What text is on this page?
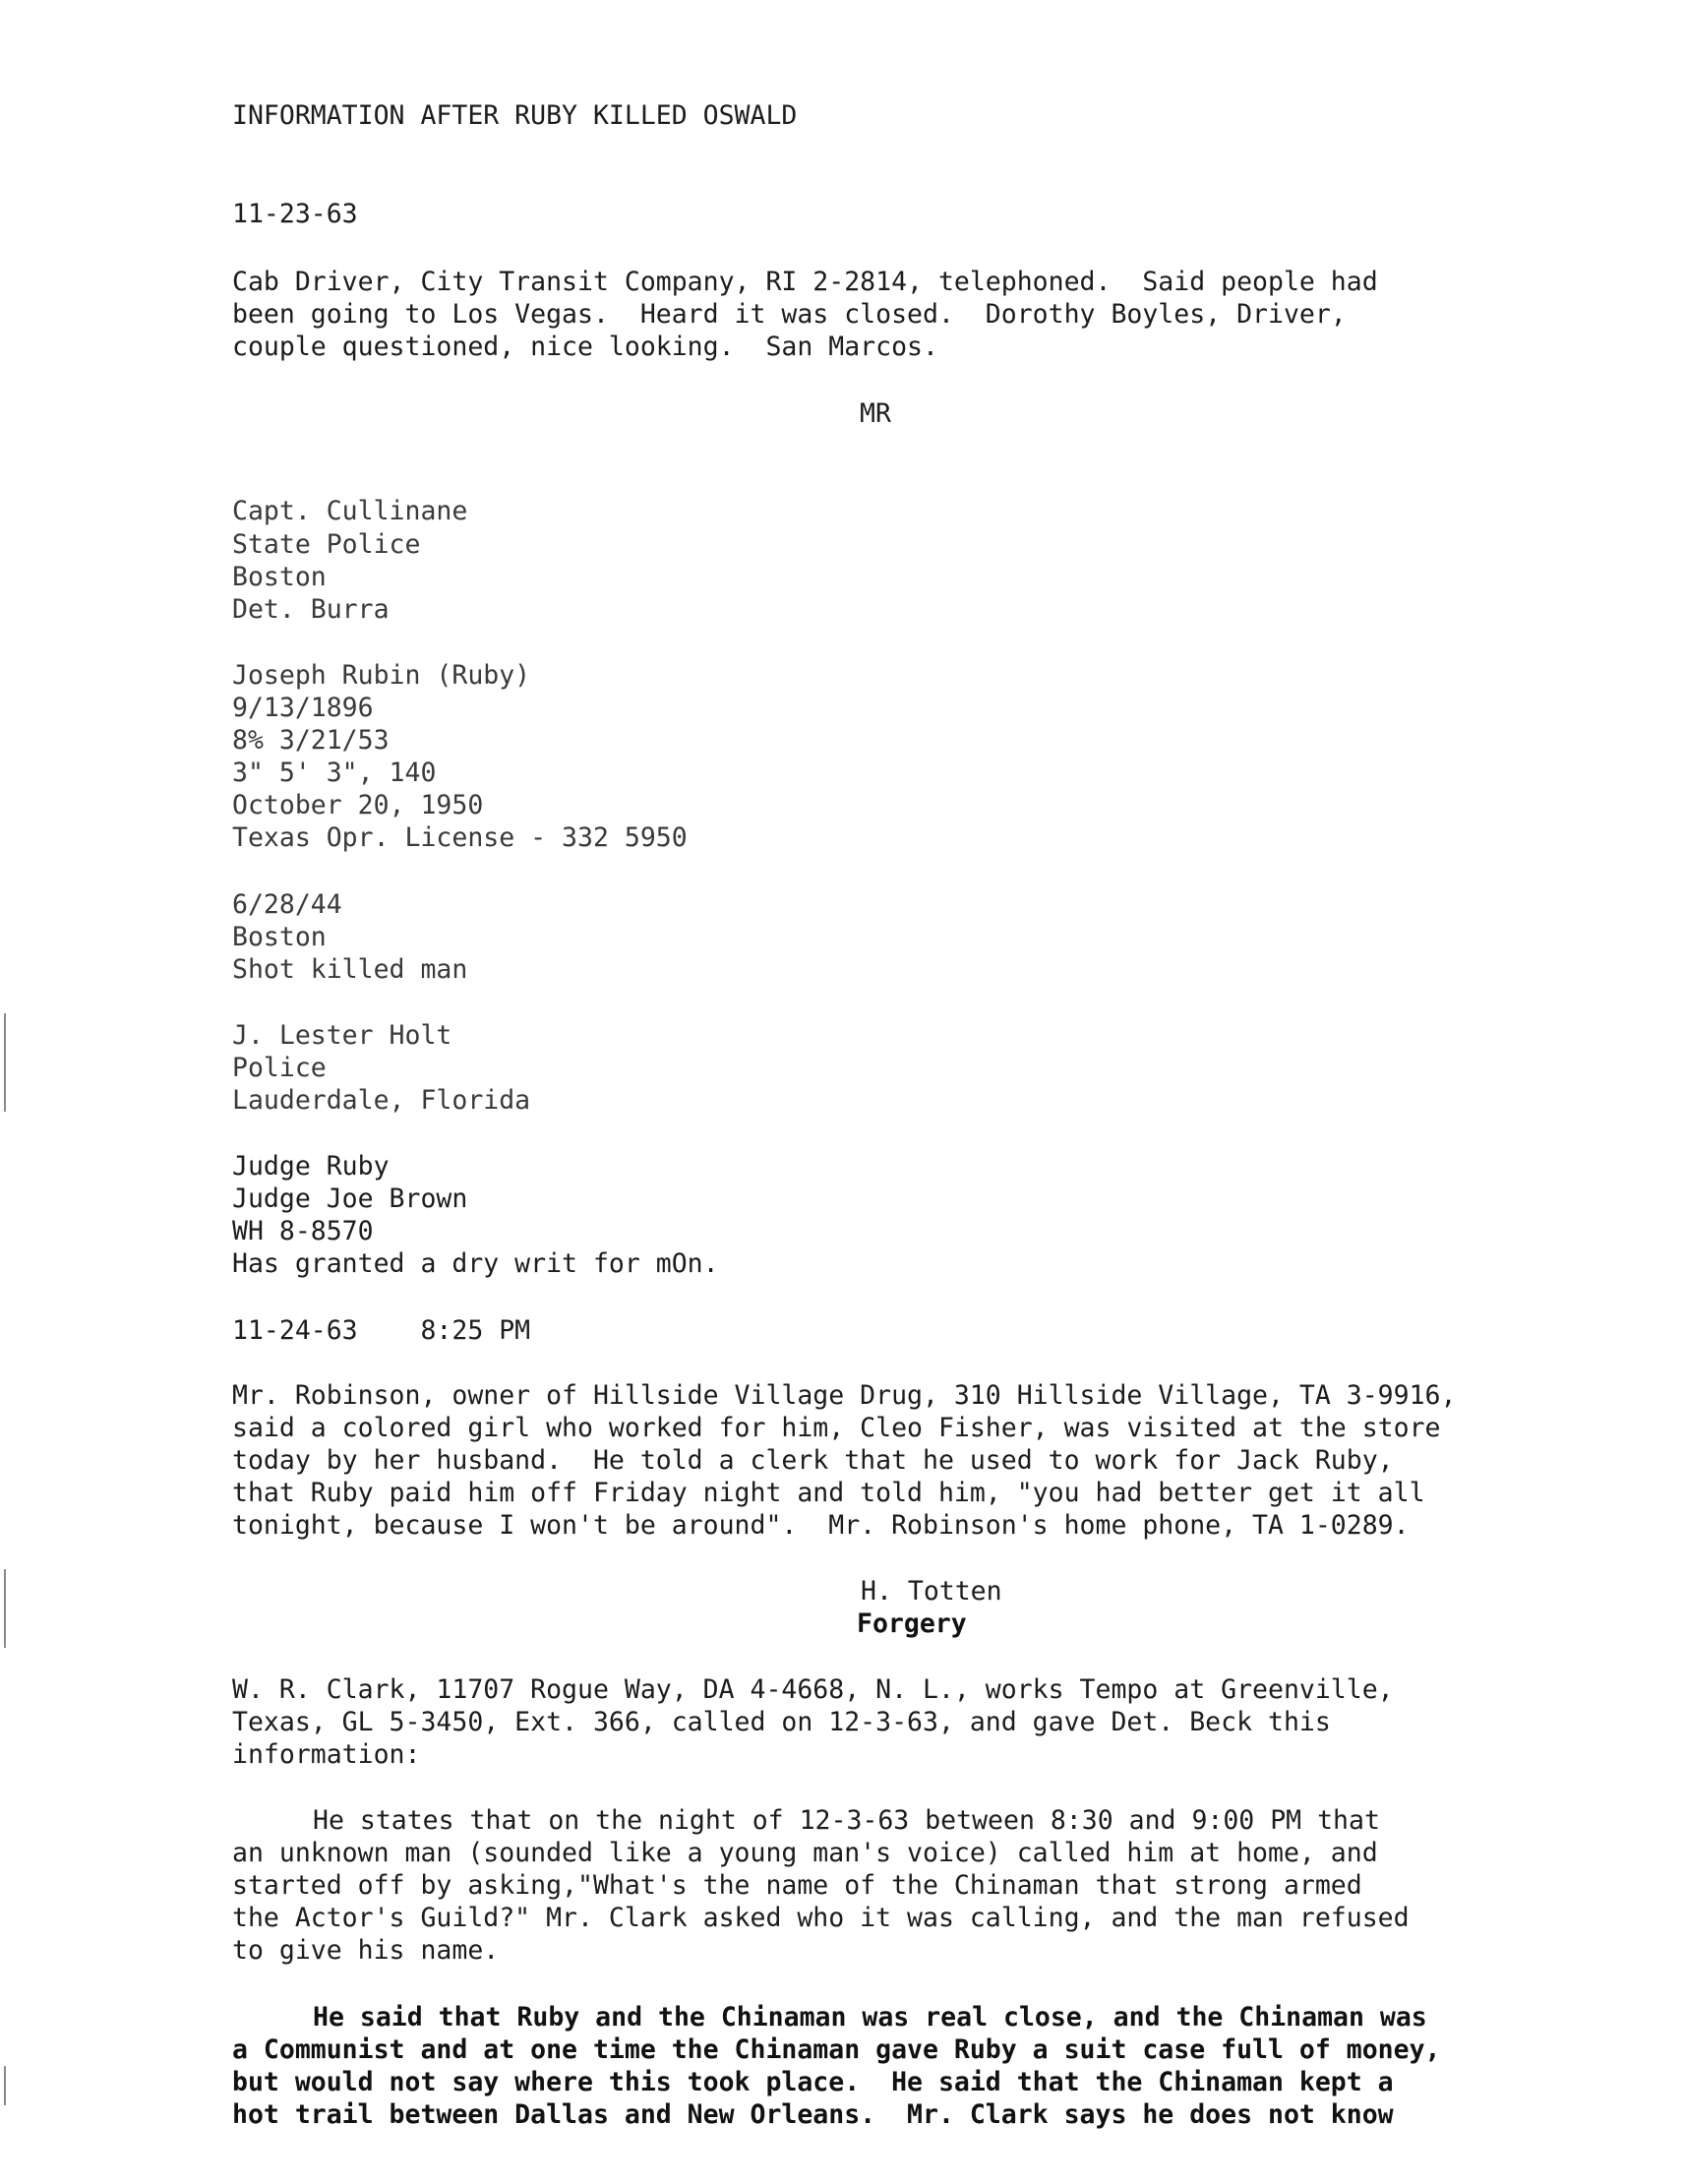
INFORMATION AFTER RUBY KILLED OSWALD
11-23-63
Cab Driver, City Transit Company, RI 2-2814, telephoned.  Said people had
been going to Los Vegas.  Heard it was closed.  Dorothy Boyles, Driver,
couple questioned, nice looking.  San Marcos.
MR
Capt. Cullinane
State Police
Boston
Det. Burra
Joseph Rubin (Ruby)
9/13/1896
8% 3/21/53
3" 5' 3", 140
October 20, 1950
Texas Opr. License - 332 5950
6/28/44
Boston
Shot killed man
J. Lester Holt
Police
Lauderdale, Florida
Judge Ruby
Judge Joe Brown
WH 8-8570
Has granted a dry writ for mOn.
11-24-63    8:25 PM
Mr. Robinson, owner of Hillside Village Drug, 310 Hillside Village, TA 3-9916,
said a colored girl who worked for him, Cleo Fisher, was visited at the store
today by her husband.  He told a clerk that he used to work for Jack Ruby,
that Ruby paid him off Friday night and told him, "you had better get it all
tonight, because I won't be around".  Mr. Robinson's home phone, TA 1-0289.
H. Totten
Forgery
W. R. Clark, 11707 Rogue Way, DA 4-4668, N. L., works Tempo at Greenville,
Texas, GL 5-3450, Ext. 366, called on 12-3-63, and gave Det. Beck this
information:
He states that on the night of 12-3-63 between 8:30 and 9:00 PM that
an unknown man (sounded like a young man's voice) called him at home, and
started off by asking,"What's the name of the Chinaman that strong armed
the Actor's Guild?" Mr. Clark asked who it was calling, and the man refused
to give his name.
He said that Ruby and the Chinaman was real close, and the Chinaman was
a Communist and at one time the Chinaman gave Ruby a suit case full of money,
but would not say where this took place.  He said that the Chinaman kept a
hot trail between Dallas and New Orleans.  Mr. Clark says he does not know
